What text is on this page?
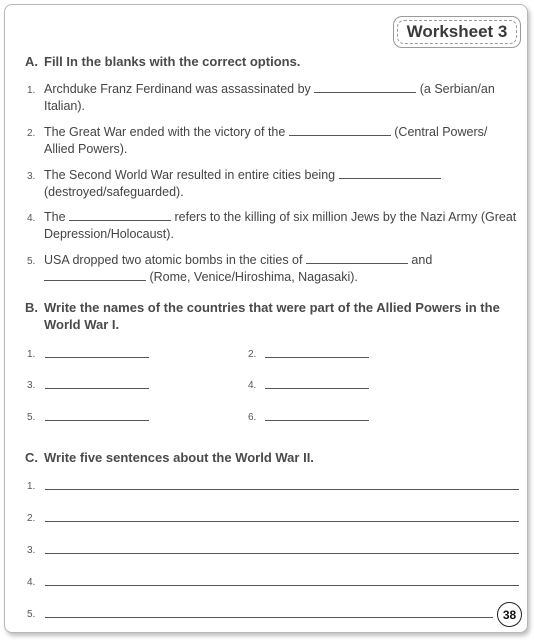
Worksheet 3
A. Fill In the blanks with the correct options.
1. Archduke Franz Ferdinand was assassinated by	(a Serbian/an Italian).
2. The Great War ended with the victory of the	(Central Powers/ Allied Powers).
3. The Second World War resulted in entire cities being  (destroyed/safeguarded).
4. The	refers to the killing of six million Jews by the Nazi Army (Great Depression/Holocaust).
5. USA dropped two atomic bombs in the cities of	and  (Rome, Venice/Hiroshima, Nagasaki).
B. Write the names of the countries that were part of the Allied Powers in the World War I.
1.	2.
3.	4.
5.	6.
C. Write five sentences about the World War II.
1.
2.
3.
4.
5.	38
